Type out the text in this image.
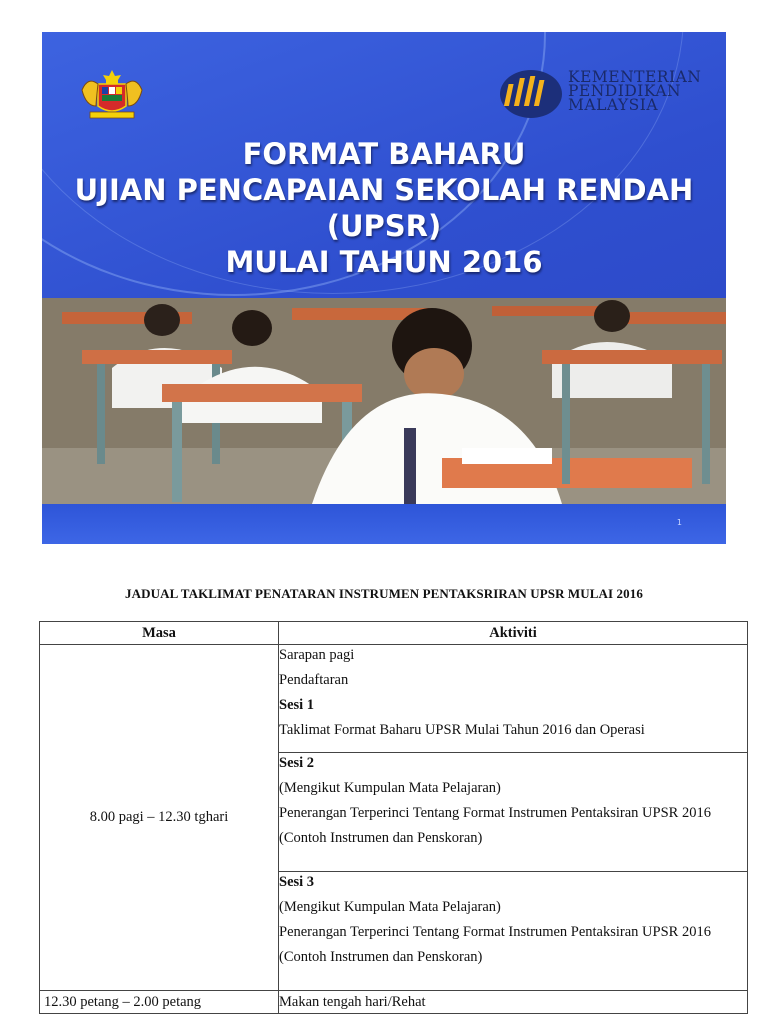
KEMENTERIAN
PENDIDIKAN
MALAYSIA
FORMAT BAHARU
UJIAN PENCAPAIAN SEKOLAH RENDAH
(UPSR)
MULAI TAHUN 2016
1
JADUAL TAKLIMAT PENATARAN INSTRUMEN PENTAKSRIRAN UPSR MULAI 2016
Masa	Aktiviti
8.00 pagi – 12.30 tghari	Sarapan pagi

Pendaftaran

Sesi 1

Taklimat Format Baharu UPSR Mulai Tahun 2016 dan Operasi

	Sesi 2

(Mengikut Kumpulan Mata Pelajaran)

Penerangan Terperinci Tentang Format Instrumen Pentaksiran UPSR 2016

(Contoh Instrumen dan Penskoran)

	Sesi 3

(Mengikut Kumpulan Mata Pelajaran)

Penerangan Terperinci Tentang Format Instrumen Pentaksiran UPSR 2016

(Contoh Instrumen dan Penskoran)

12.30 petang – 2.00 petang	Makan tengah hari/Rehat
